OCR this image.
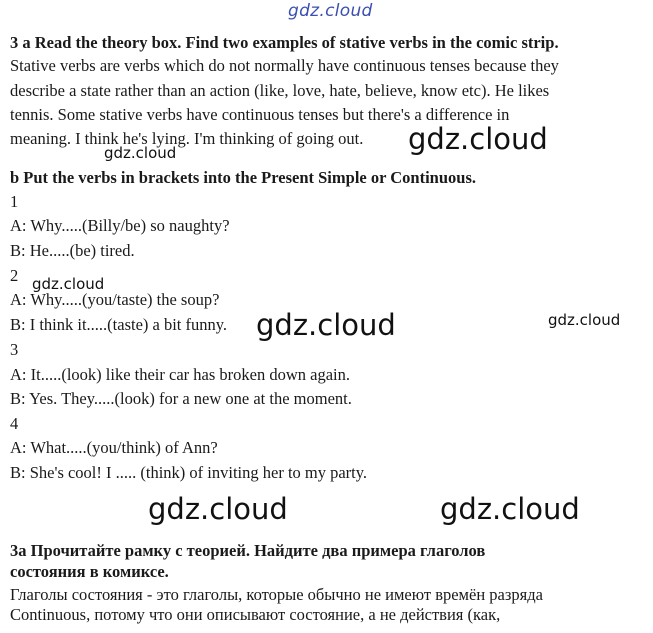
gdz.cloud
3 a Read the theory box. Find two examples of stative verbs in the comic strip.
Stative verbs are verbs which do not normally have continuous tenses because they
describe a state rather than an action (like, love, hate, believe, know etc). He likes
tennis. Some stative verbs have continuous tenses but there's a difference in
meaning. I think he's lying. I'm thinking of going out.
b Put the verbs in brackets into the Present Simple or Continuous.
1
A: Why.....(Billy/be) so naughty?
B: He.....(be) tired.
2
A: Why.....(you/taste) the soup?
B: I think it.....(taste) a bit funny.
3
A: It.....(look) like their car has broken down again.
B: Yes. They.....(look) for a new one at the moment.
4
A: What.....(you/think) of Ann?
B: She's cool! I ..... (think) of inviting her to my party.
3а Прочитайте рамку с теорией. Найдите два примера глаголов
состояния в комиксе.
Глаголы состояния - это глаголы, которые обычно не имеют времён разряда
Continuous, потому что они описывают состояние, а не действия (как,
gdz.cloud
gdz.cloud
gdz.cloud
gdz.cloud	gdz.cloud
gdz.cloud	gdz.cloud
